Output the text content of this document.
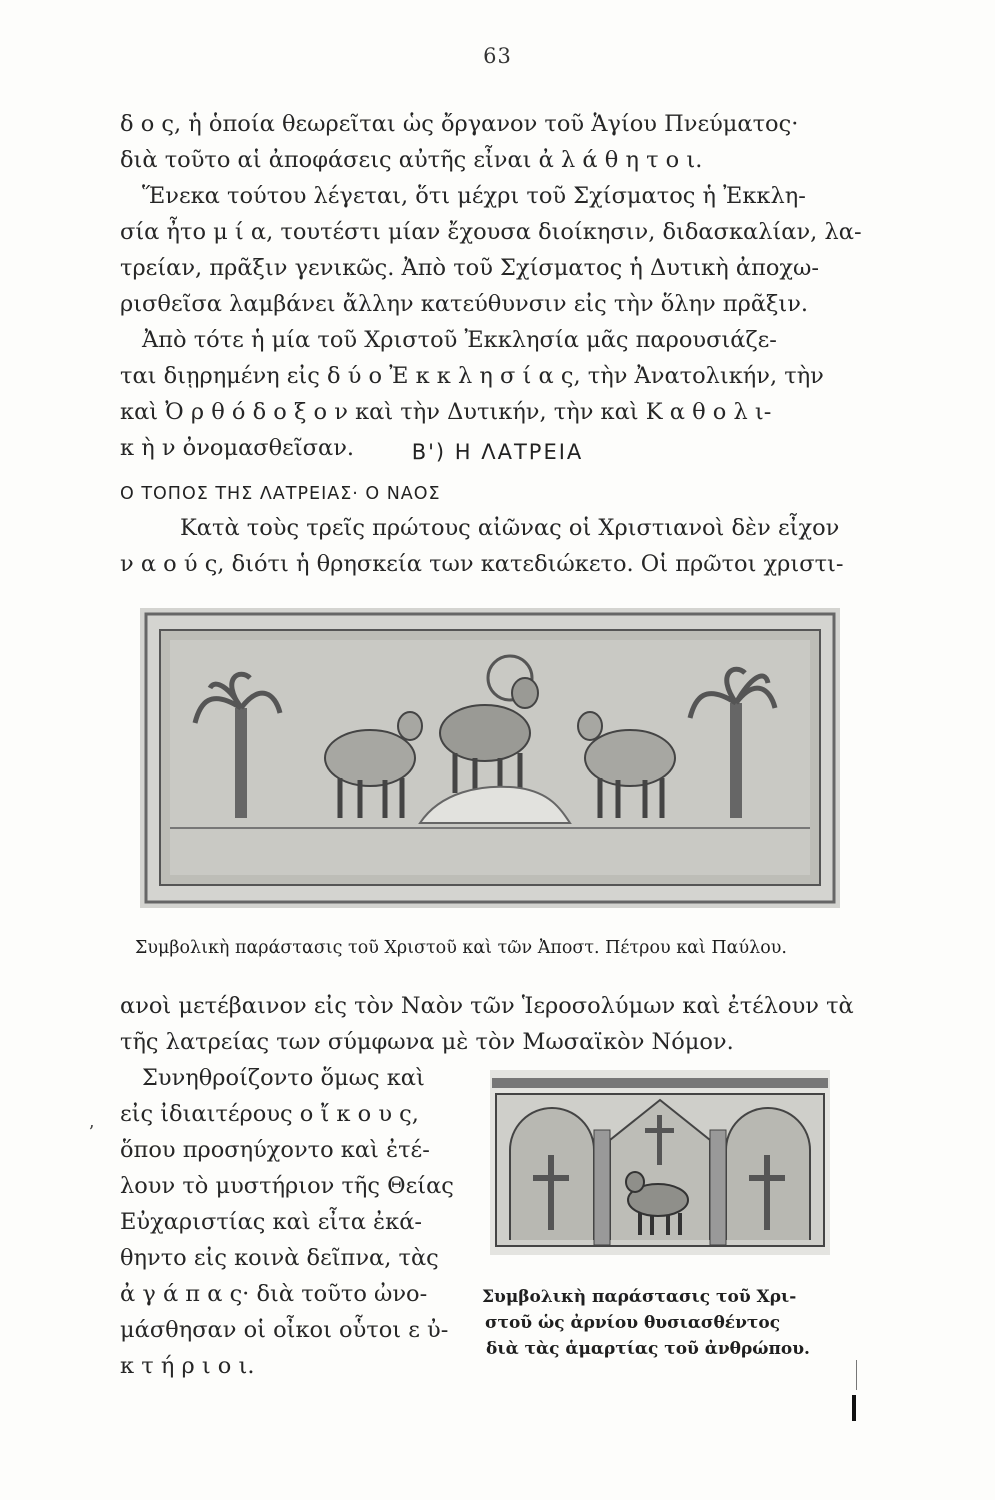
63
δ ο ς, ἡ ὁποία θεωρεῖται ὡς ὄργανον τοῦ Ἁγίου Πνεύματος·
διὰ τοῦτο αἱ ἀποφάσεις αὐτῆς εἶναι ἀ λ ά θ η τ ο ι.
Ἕνεκα τούτου λέγεται, ὅτι μέχρι τοῦ Σχίσματος ἡ Ἐκκλη-
σία ἦτο μ ί α, τουτέστι μίαν ἔχουσα διοίκησιν, διδασκαλίαν, λα-
τρείαν, πρᾶξιν γενικῶς. Ἀπὸ τοῦ Σχίσματος ἡ Δυτικὴ ἀποχω-
ρισθεῖσα λαμβάνει ἄλλην κατεύθυνσιν εἰς τὴν ὅλην πρᾶξιν.
Ἀπὸ τότε ἡ μία τοῦ Χριστοῦ Ἐκκλησία μᾶς παρουσιάζε-
ται διῃρημένη εἰς δ ύ ο Ἐ κ κ λ η σ ί α ς, τὴν Ἀνατολικήν, τὴν
καὶ Ὀ ρ θ ό δ ο ξ ο ν καὶ τὴν Δυτικήν, τὴν καὶ Κ α θ ο λ ι-
κ ὴ ν ὀνομασθεῖσαν.	Β') Η ΛΑΤΡΕΙΑ
Ο ΤΟΠΟΣ ΤΗΣ ΛΑΤΡΕΙΑΣ· Ο ΝΑΟΣ
Κατὰ τοὺς τρεῖς πρώτους αἰῶνας οἱ Χριστιανοὶ δὲν εἶχον
ν α ο ύ ς, διότι ἡ θρησκεία των κατεδιώκετο. Οἱ πρῶτοι χριστι-
Συμβολικὴ παράστασις τοῦ Χριστοῦ καὶ τῶν Ἀποστ. Πέτρου καὶ Παύλου.
ανοὶ μετέβαινον εἰς τὸν Ναὸν τῶν Ἱεροσολύμων καὶ ἐτέλουν τὰ
τῆς λατρείας των σύμφωνα μὲ τὸν Μωσαϊκὸν Νόμον.
Συνηθροίζοντο ὅμως καὶ
εἰς ἰδιαιτέρους ο ἴ κ ο υ ς,
ὅπου προσηύχοντο καὶ ἐτέ-
λουν τὸ μυστήριον τῆς Θείας
Εὐχαριστίας καὶ εἶτα ἐκά-
θηντο εἰς κοινὰ δεῖπνα, τὰς
ἀ γ ά π α ς· διὰ τοῦτο ὠνο-
μάσθησαν οἱ οἶκοι οὗτοι ε ὐ-
κ τ ή ρ ι ο ι.
ʼ
Συμβολικὴ παράστασις τοῦ Χρι-
στοῦ ὡς ἀρνίου θυσιασθέντος
διὰ τὰς ἁμαρτίας τοῦ ἀνθρώπου.
